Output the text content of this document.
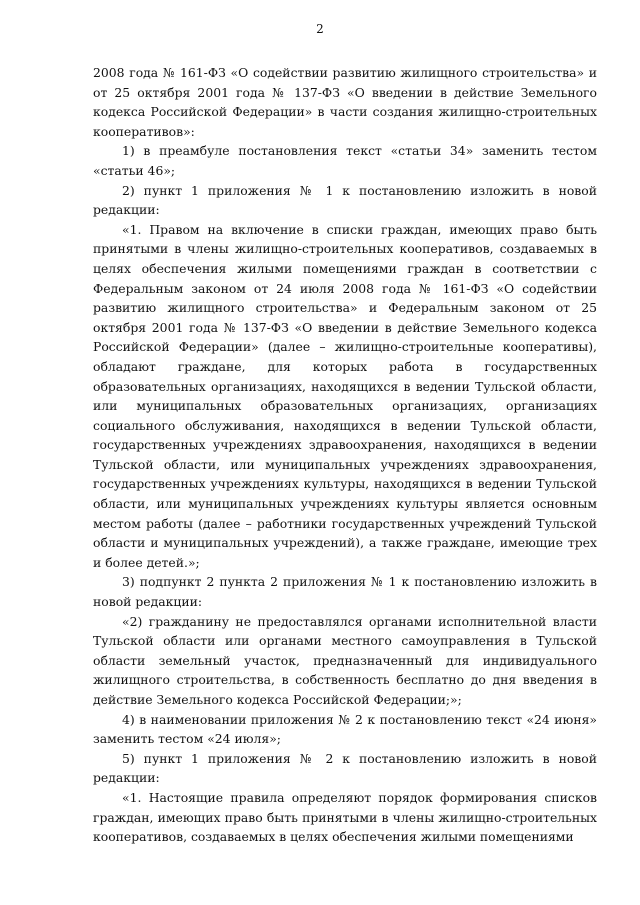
2

2008 года № 161-ФЗ «О содействии развитию жилищного строительства» и от 25 октября 2001 года № 137-ФЗ «О введении в действие Земельного кодекса Российской Федерации» в части создания жилищно-строительных кооперативов»:

1) в преамбуле постановления текст «статьи 34» заменить тестом «статьи 46»;

2) пункт 1 приложения № 1 к постановлению изложить в новой редакции:

«1. Правом на включение в списки граждан, имеющих право быть принятыми в члены жилищно-строительных кооперативов, создаваемых в целях обеспечения жилыми помещениями граждан в соответствии с Федеральным законом от 24 июля 2008 года № 161-ФЗ «О содействии развитию жилищного строительства» и Федеральным законом от 25 октября 2001 года № 137-ФЗ «О введении в действие Земельного кодекса Российской Федерации» (далее – жилищно-строительные кооперативы), обладают граждане, для которых работа в государственных образовательных организациях, находящихся в ведении Тульской области, или муниципальных образовательных организациях, организациях социального обслуживания, находящихся в ведении Тульской области, государственных учреждениях здравоохранения, находящихся в ведении Тульской области, или муниципальных учреждениях здравоохранения, государственных учреждениях культуры, находящихся в ведении Тульской области, или муниципальных учреждениях культуры является основным местом работы (далее – работники государственных учреждений Тульской области и муниципальных учреждений), а также граждане, имеющие трех и более детей.»;

3) подпункт 2 пункта 2 приложения № 1 к постановлению изложить в новой редакции:

«2) гражданину не предоставлялся органами исполнительной власти Тульской области или органами местного самоуправления в Тульской области земельный участок, предназначенный для индивидуального жилищного строительства, в собственность бесплатно до дня введения в действие Земельного кодекса Российской Федерации;»;

4) в наименовании приложения № 2 к постановлению текст «24 июня» заменить тестом «24 июля»;

5) пункт 1 приложения № 2 к постановлению изложить в новой редакции:

«1. Настоящие правила определяют порядок формирования списков граждан, имеющих право быть принятыми в члены жилищно-строительных кооперативов, создаваемых в целях обеспечения жилыми помещениями
